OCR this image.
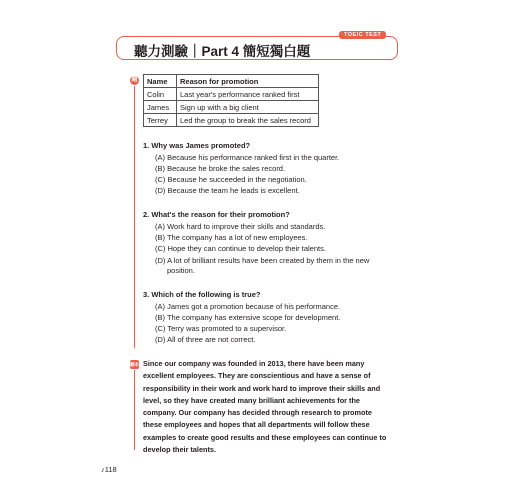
TOEIC TEST
聽力測驗｜Part 4 簡短獨白題
題
腳本
Name	Reason for promotion
Colin	Last year's performance ranked first
James	Sign up with a big client
Terrey	Led the group to break the sales record
1. Why was James promoted?
(A) Because his performance ranked first in the quarter.
(B) Because he broke the sales record.
(C) Because he succeeded in the negotiation.
(D) Because the team he leads is excellent.
2. What's the reason for their promotion?
(A) Work hard to improve their skills and standards.
(B) The company has a lot of new employees.
(C) Hope they can continue to develop their talents.
(D) A lot of brilliant results have been created by them in the new
position.
3. Which of the following is true?
(A) James got a promotion because of his performance.
(B) The company has extensive scope for development.
(C) Terry was promoted to a supervisor.
(D) All of three are not correct.
Since our company was founded in 2013, there have been many excellent employees. They are conscientious and have a sense of responsibility in their work and work hard to improve their skills and level, so they have created many brilliant achievements for the company. Our company has decided through research to promote these employees and hopes that all departments will follow these examples to create good results and these employees can continue to develop their talents.
♪118
